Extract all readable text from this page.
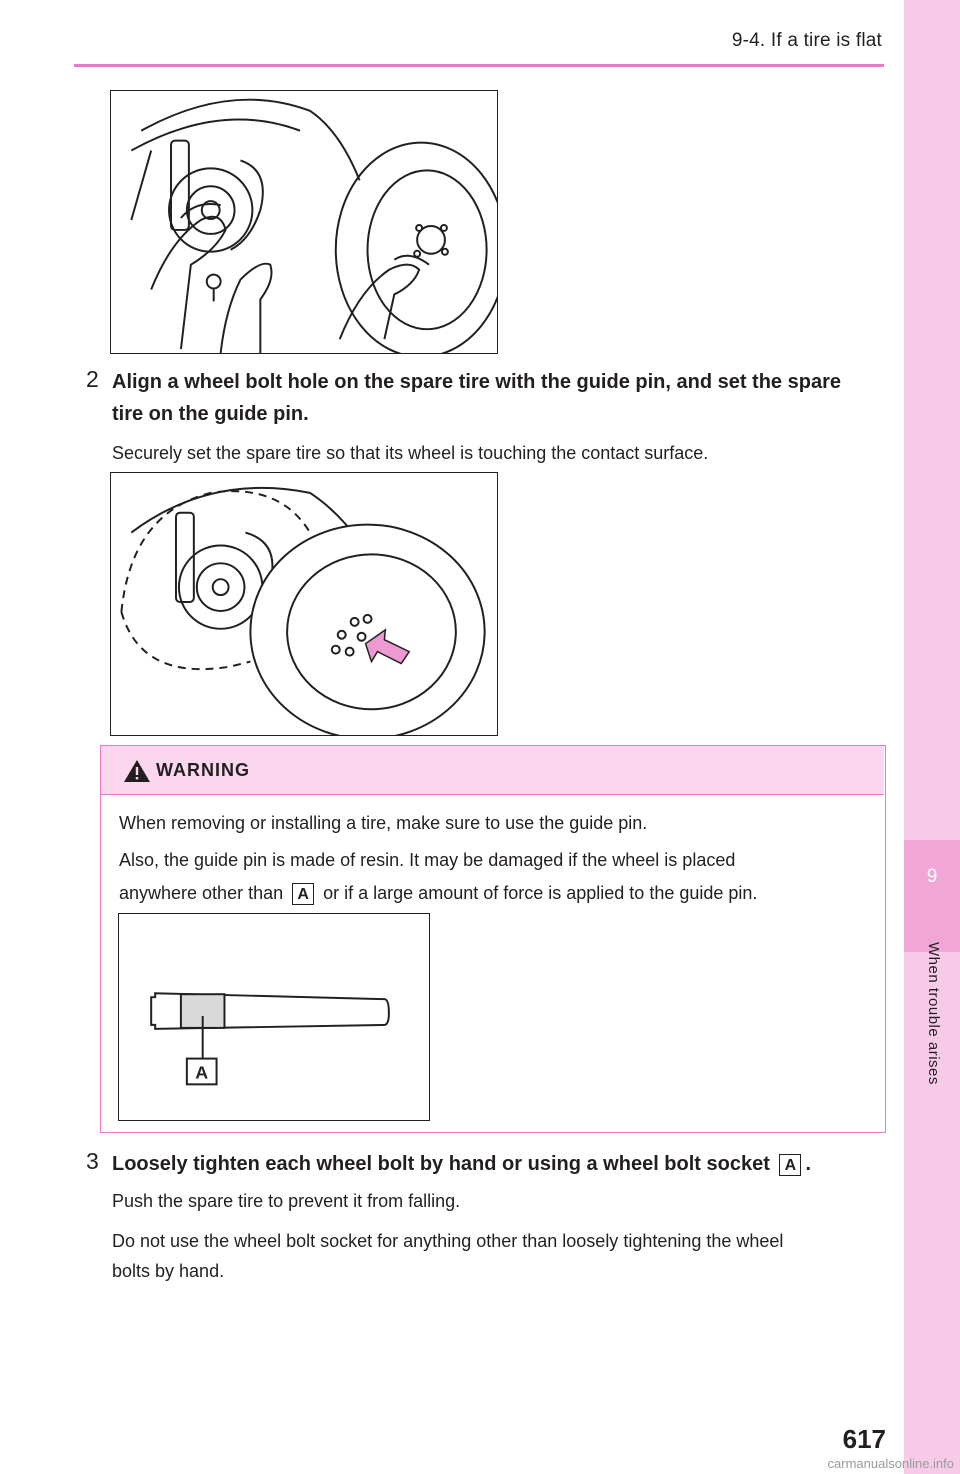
9-4. If a tire is flat
9
When trouble arises
2 Align a wheel bolt hole on the spare tire with the guide pin, and set the spare
tire on the guide pin.
Securely set the spare tire so that its wheel is touching the contact surface.
WARNING
When removing or installing a tire, make sure to use the guide pin.
Also, the guide pin is made of resin. It may be damaged if the wheel is placed
anywhere other than A or if a large amount of force is applied to the guide pin.
A
3 Loosely tighten each wheel bolt by hand or using a wheel bolt socket A .
Push the spare tire to prevent it from falling.
Do not use the wheel bolt socket for anything other than loosely tightening the wheel
bolts by hand.
617
carmanualsonline.info
